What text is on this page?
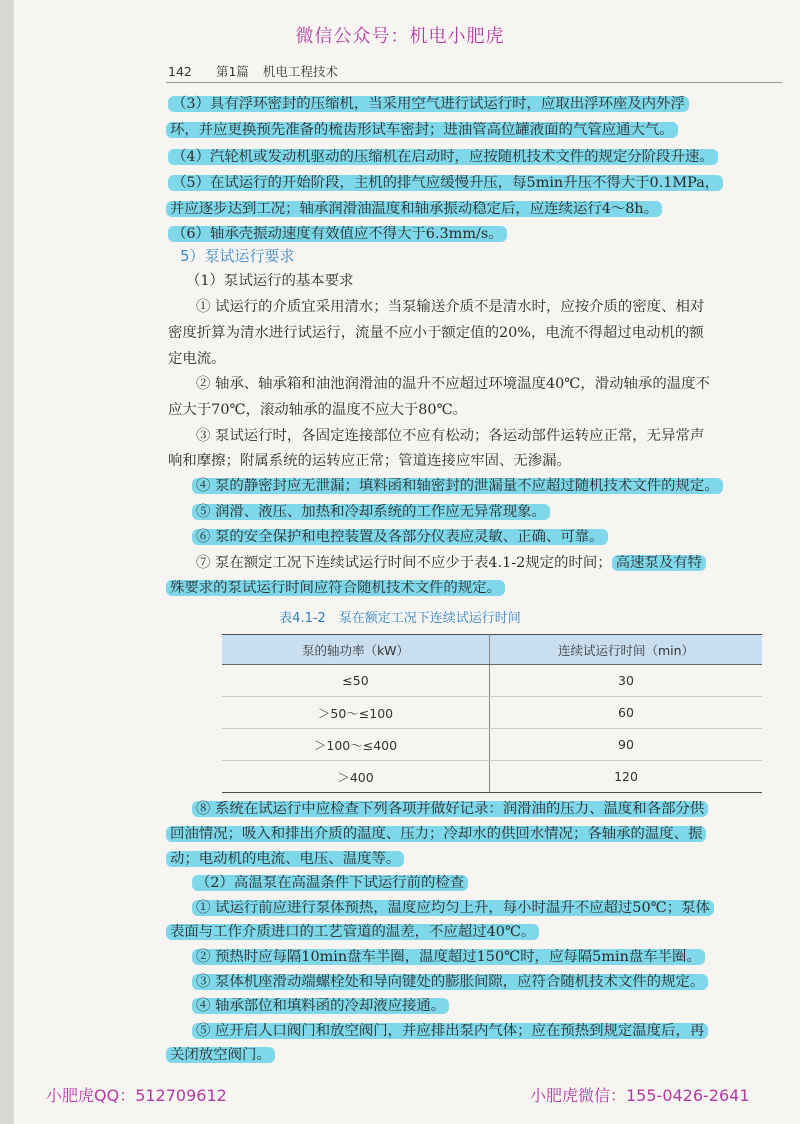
微信公众号：机电小肥虎
142 第1篇 机电工程技术
（3）具有浮环密封的压缩机，当采用空气进行试运行时，应取出浮环座及内外浮
环，并应更换预先准备的梳齿形试车密封；进油管高位罐液面的气管应通大气。
（4）汽轮机或发动机驱动的压缩机在启动时，应按随机技术文件的规定分阶段升速。
（5）在试运行的开始阶段，主机的排气应缓慢升压，每5min升压不得大于0.1MPa，
并应逐步达到工况；轴承润滑油温度和轴承振动稳定后，应连续运行4～8h。
（6）轴承壳振动速度有效值应不得大于6.3mm/s。
5）泵试运行要求
（1）泵试运行的基本要求
① 试运行的介质宜采用清水；当泵输送介质不是清水时，应按介质的密度、相对
密度折算为清水进行试运行，流量不应小于额定值的20%，电流不得超过电动机的额
定电流。
② 轴承、轴承箱和油池润滑油的温升不应超过环境温度40℃，滑动轴承的温度不
应大于70℃，滚动轴承的温度不应大于80℃。
③ 泵试运行时，各固定连接部位不应有松动；各运动部件运转应正常，无异常声
响和摩擦；附属系统的运转应正常；管道连接应牢固、无渗漏。
④ 泵的静密封应无泄漏；填料函和轴密封的泄漏量不应超过随机技术文件的规定。
⑤ 润滑、液压、加热和冷却系统的工作应无异常现象。
⑥ 泵的安全保护和电控装置及各部分仪表应灵敏、正确、可靠。
⑦ 泵在额定工况下连续试运行时间不应少于表4.1-2规定的时间； 高速泵及有特
殊要求的泵试运行时间应符合随机技术文件的规定。
表4.1-2　泵在额定工况下连续试运行时间
泵的轴功率（kW）	连续试运行时间（min）
≤50	30
＞50～≤100	60
＞100～≤400	90
＞400	120
⑧ 系统在试运行中应检查下列各项并做好记录：润滑油的压力、温度和各部分供
回油情况；吸入和排出介质的温度、压力；冷却水的供回水情况；各轴承的温度、振
动；电动机的电流、电压、温度等。
（2）高温泵在高温条件下试运行前的检查
① 试运行前应进行泵体预热，温度应均匀上升，每小时温升不应超过50℃；泵体
表面与工作介质进口的工艺管道的温差，不应超过40℃。
② 预热时应每隔10min盘车半圈，温度超过150℃时，应每隔5min盘车半圈。
③ 泵体机座滑动端螺栓处和导向键处的膨胀间隙，应符合随机技术文件的规定。
④ 轴承部位和填料函的冷却液应接通。
⑤ 应开启人口阀门和放空阀门，并应排出泵内气体；应在预热到规定温度后，再
关闭放空阀门。
小肥虎QQ：512709612	小肥虎微信：155-0426-2641
